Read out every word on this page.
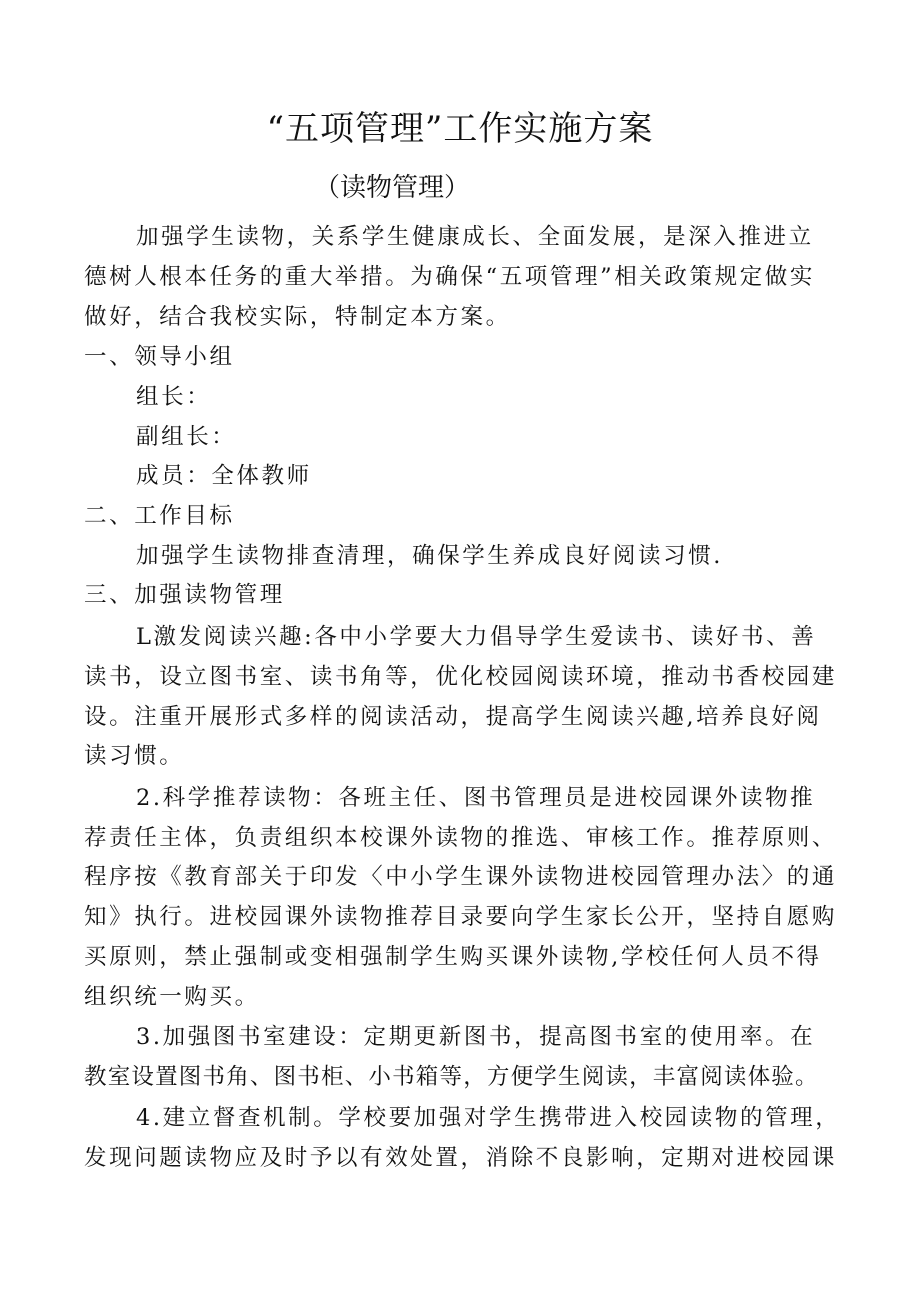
“五项管理”工作实施方案
（读物管理）
加强学生读物，关系学生健康成长、全面发展，是深入推进立
德树人根本任务的重大举措。为确保“五项管理”相关政策规定做实
做好，结合我校实际，特制定本方案。
一、领导小组
组长：
副组长：
成员：全体教师
二、工作目标
加强学生读物排查清理，确保学生养成良好阅读习惯.
三、加强读物管理
L激发阅读兴趣:各中小学要大力倡导学生爱读书、读好书、善
读书，设立图书室、读书角等，优化校园阅读环境，推动书香校园建
设。注重开展形式多样的阅读活动，提高学生阅读兴趣,培养良好阅
读习惯。
2.科学推荐读物：各班主任、图书管理员是进校园课外读物推
荐责任主体，负责组织本校课外读物的推选、审核工作。推荐原则、
程序按《教育部关于印发〈中小学生课外读物进校园管理办法〉的通
知》执行。进校园课外读物推荐目录要向学生家长公开，坚持自愿购
买原则，禁止强制或变相强制学生购买课外读物,学校任何人员不得
组织统一购买。
3.加强图书室建设：定期更新图书，提高图书室的使用率。在
教室设置图书角、图书柜、小书箱等，方便学生阅读，丰富阅读体验。
4.建立督查机制。学校要加强对学生携带进入校园读物的管理，
发现问题读物应及时予以有效处置，消除不良影响，定期对进校园课
